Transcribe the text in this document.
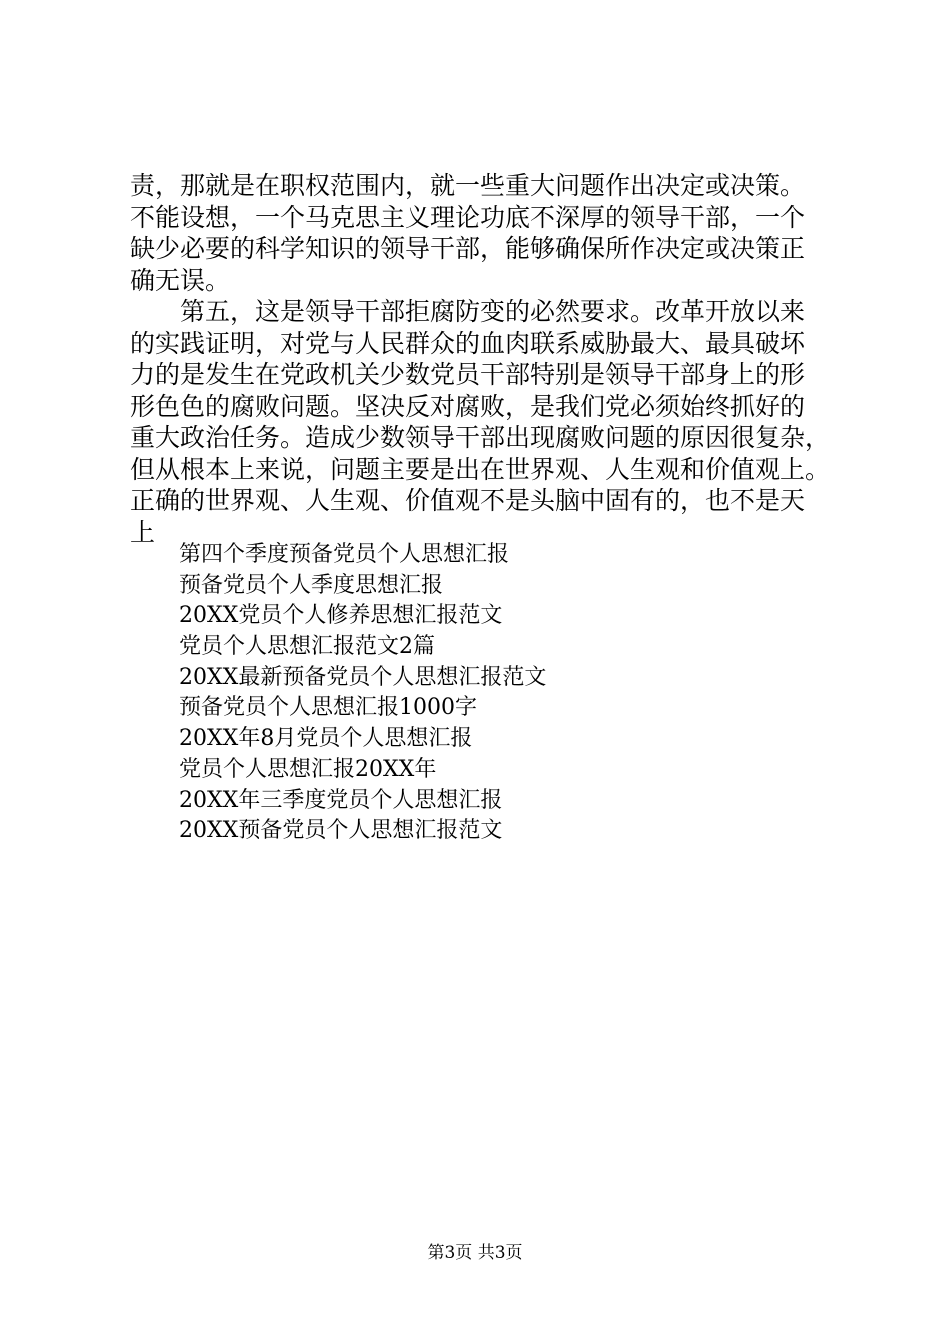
责，那就是在职权范围内，就一些重大问题作出决定或决策。
不能设想，一个马克思主义理论功底不深厚的领导干部，一个
缺少必要的科学知识的领导干部，能够确保所作决定或决策正
确无误。
　　第五，这是领导干部拒腐防变的必然要求。改革开放以来
的实践证明，对党与人民群众的血肉联系威胁最大、最具破坏
力的是发生在党政机关少数党员干部特别是领导干部身上的形
形色色的腐败问题。坚决反对腐败，是我们党必须始终抓好的
重大政治任务。造成少数领导干部出现腐败问题的原因很复杂，
但从根本上来说，问题主要是出在世界观、人生观和价值观上。
正确的世界观、人生观、价值观不是头脑中固有的，也不是天
上
第四个季度预备党员个人思想汇报
预备党员个人季度思想汇报
20XX党员个人修养思想汇报范文
党员个人思想汇报范文2篇
20XX最新预备党员个人思想汇报范文
预备党员个人思想汇报1000字
20XX年8月党员个人思想汇报
党员个人思想汇报20XX年
20XX年三季度党员个人思想汇报
20XX预备党员个人思想汇报范文
第3页 共3页
